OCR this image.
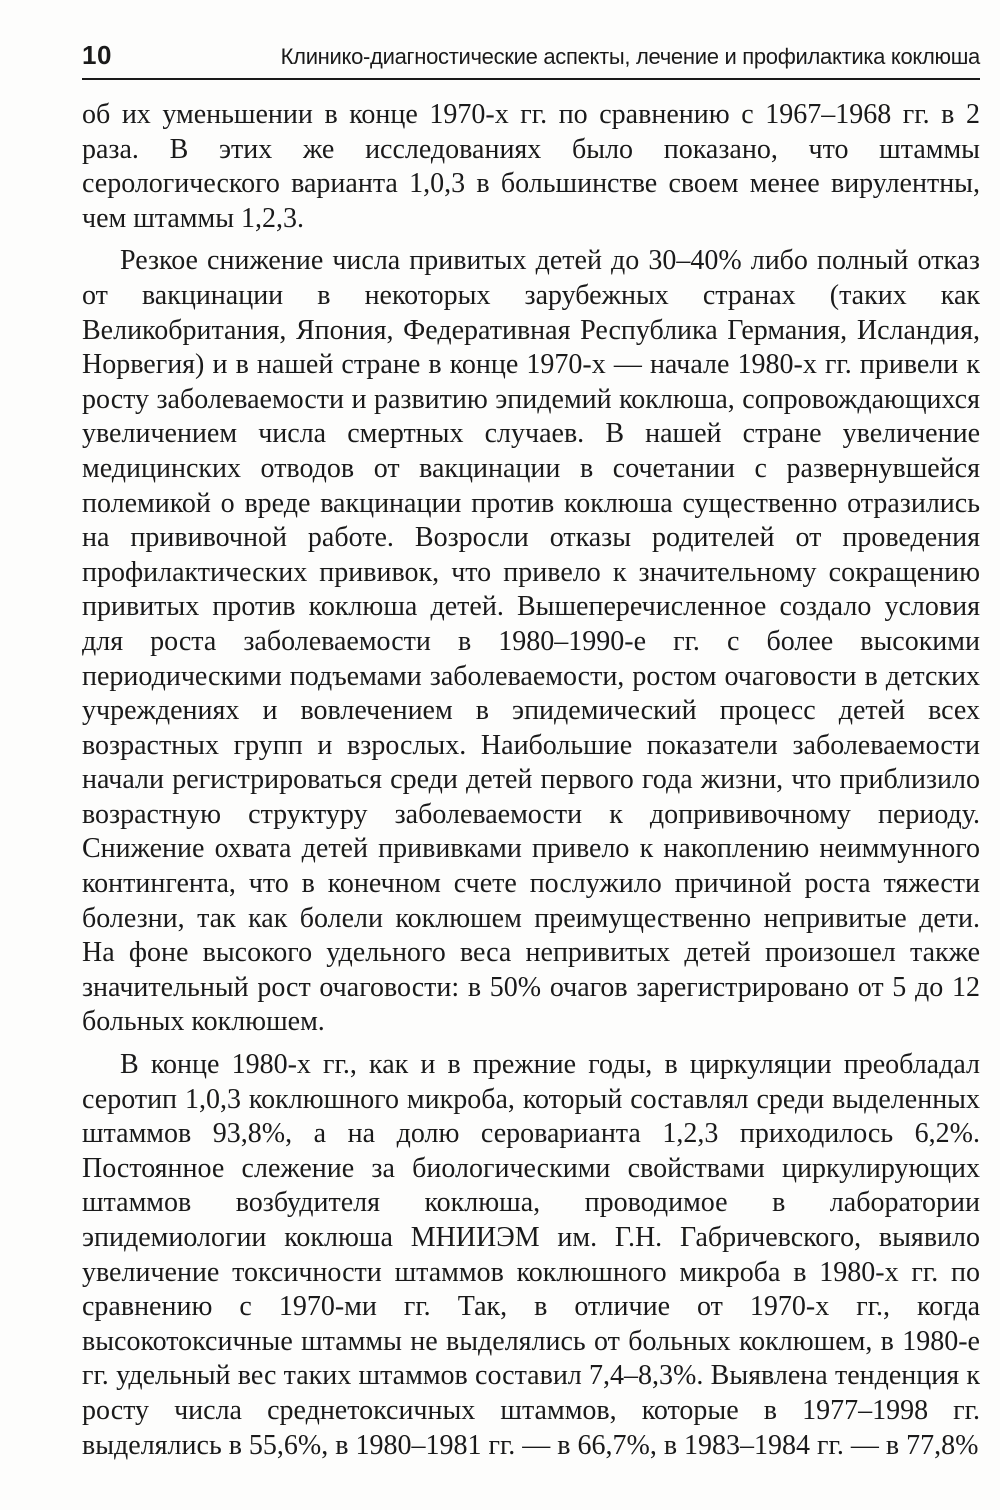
10	Клинико-диагностические аспекты, лечение и профилактика коклюша

об их уменьшении в конце 1970-х гг. по сравнению с 1967–1968 гг. в 2 раза. В этих же исследованиях было показано, что штаммы серологического варианта 1,0,3 в большинстве своем менее вирулентны, чем штаммы 1,2,3.

Резкое снижение числа привитых детей до 30–40% либо полный отказ от вакцинации в некоторых зарубежных странах (таких как Великобритания, Япония, Федеративная Республика Германия, Исландия, Норвегия) и в нашей стране в конце 1970-х — начале 1980-х гг. привели к росту заболеваемости и развитию эпидемий коклюша, сопровождающихся увеличением числа смертных случаев. В нашей стране увеличение медицинских отводов от вакцинации в сочетании с развернувшейся полемикой о вреде вакцинации против коклюша существенно отразились на прививочной работе. Возросли отказы родителей от проведения профилактических прививок, что привело к значительному сокращению привитых против коклюша детей. Вышеперечисленное создало условия для роста заболеваемости в 1980–1990-е гг. с более высокими периодическими подъемами заболеваемости, ростом очаговости в детских учреждениях и вовлечением в эпидемический процесс детей всех возрастных групп и взрослых. Наибольшие показатели заболеваемости начали регистрироваться среди детей первого года жизни, что приблизило возрастную структуру заболеваемости к допрививочному периоду. Снижение охвата детей прививками привело к накоплению неиммунного контингента, что в конечном счете послужило причиной роста тяжести болезни, так как болели коклюшем преимущественно непривитые дети. На фоне высокого удельного веса непривитых детей произошел также значительный рост очаговости: в 50% очагов зарегистрировано от 5 до 12 больных коклюшем.

В конце 1980-х гг., как и в прежние годы, в циркуляции преобладал серотип 1,0,3 коклюшного микроба, который составлял среди выделенных штаммов 93,8%, а на долю сероварианта 1,2,3 приходилось 6,2%. Постоянное слежение за биологическими свойствами циркулирующих штаммов возбудителя коклюша, проводимое в лаборатории эпидемиологии коклюша МНИИЭМ им. Г.Н. Габричевского, выявило увеличение токсичности штаммов коклюшного микроба в 1980-х гг. по сравнению с 1970-ми гг. Так, в отличие от 1970-х гг., когда высокотоксичные штаммы не выделялись от больных коклюшем, в 1980-е гг. удельный вес таких штаммов составил 7,4–8,3%. Выявлена тенденция к росту числа среднетоксичных штаммов, которые в 1977–1998 гг. выделялись в 55,6%, в 1980–1981 гг. — в 66,7%, в 1983–1984 гг. — в 77,8%
